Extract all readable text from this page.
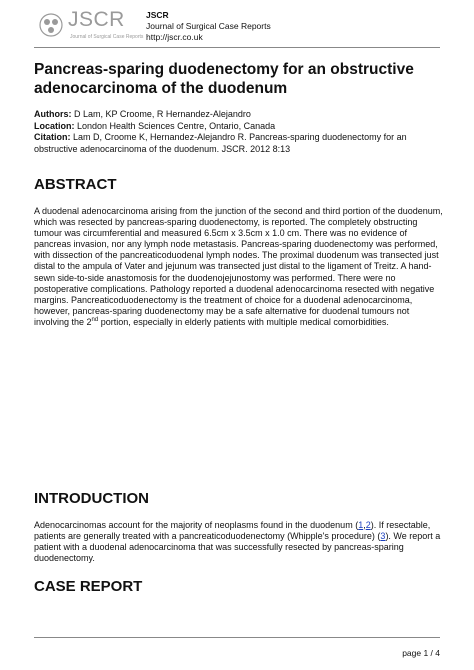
JSCR
Journal of Surgical Case Reports
JSCR
Journal of Surgical Case Reports
http://jscr.co.uk
Pancreas-sparing duodenectomy for an obstructive adenocarcinoma of the duodenum
Authors: D Lam, KP Croome, R Hernandez-Alejandro
Location: London Health Sciences Centre, Ontario, Canada
Citation: Lam D, Croome K, Hernandez-Alejandro R. Pancreas-sparing duodenectomy for an obstructive adenocarcinoma of the duodenum. JSCR. 2012 8:13
ABSTRACT
A duodenal adenocarcinoma arising from the junction of the second and third portion of the duodenum, which was resected by pancreas-sparing duodenectomy, is reported. The completely obstructing tumour was circumferential and measured 6.5cm x 3.5cm x 1.0 cm. There was no evidence of pancreas invasion, nor any lymph node metastasis. Pancreas-sparing duodenectomy was performed, with dissection of the pancreaticoduodenal lymph nodes. The proximal duodenum was transected just distal to the ampula of Vater and jejunum was transected just distal to the ligament of Treitz. A hand-sewn side-to-side anastomosis for the duodenojejunostomy was performed. There were no postoperative complications. Pathology reported a duodenal adenocarcinoma resected with negative margins. Pancreaticoduodenectomy is the treatment of choice for a duodenal adenocarcinoma, however, pancreas-sparing duodenectomy may be a safe alternative for duodenal tumours not involving the 2nd portion, especially in elderly patients with multiple medical comorbidities.
INTRODUCTION
Adenocarcinomas account for the majority of neoplasms found in the duodenum (1,2). If resectable, patients are generally treated with a pancreaticoduodenectomy (Whipple's procedure) (3). We report a patient with a duodenal adenocarcinoma that was successfully resected by pancreas-sparing duodenectomy.
CASE REPORT
page 1 / 4
